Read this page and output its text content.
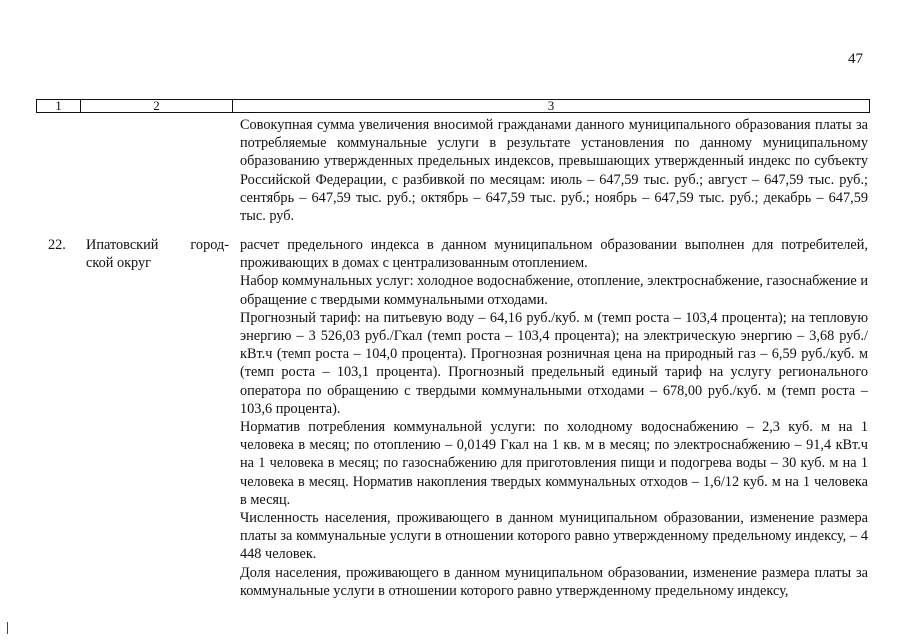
47
1	2	3

Совокупная сумма увеличения вносимой гражданами данного муниципального образования платы за потребляемые коммунальные услуги в результате установления по данному муниципальному образованию утвержденных предельных индексов, превышающих утвержденный индекс по субъекту Российской Федерации, с разбивкой по месяцам: июль – 647,59 тыс. руб.; август – 647,59 тыс. руб.; сентябрь – 647,59 тыс. руб.; октябрь – 647,59 тыс. руб.; ноябрь – 647,59 тыс. руб.; декабрь – 647,59 тыс. руб.

22. Ипатовский город-
ской округ

расчет предельного индекса в данном муниципальном образовании выполнен для потребителей, проживающих в домах с централизованным отоплением.

Набор коммунальных услуг: холодное водоснабжение, отопление, электроснабжение, газоснабжение и обращение с твердыми коммунальными отходами.

Прогнозный тариф: на питьевую воду – 64,16 руб./куб. м (темп роста – 103,4 процента); на тепловую энергию – 3 526,03 руб./Гкал (темп роста – 103,4 процента); на электрическую энергию – 3,68 руб./кВт.ч (темп роста – 104,0 процента). Прогнозная розничная цена на природный газ – 6,59 руб./куб. м (темп роста – 103,1 процента). Прогнозный предельный единый тариф на услугу регионального оператора по обращению с твердыми коммунальными отходами – 678,00 руб./куб. м (темп роста – 103,6 процента).

Норматив потребления коммунальной услуги: по холодному водоснабжению – 2,3 куб. м на 1 человека в месяц; по отоплению – 0,0149 Гкал на 1 кв. м в месяц; по электроснабжению – 91,4 кВт.ч на 1 человека в месяц; по газоснабжению для приготовления пищи и подогрева воды – 30 куб. м на 1 человека в месяц. Норматив накопления твердых коммунальных отходов – 1,6/12 куб. м на 1 человека в месяц.

Численность населения, проживающего в данном муниципальном образовании, изменение размера платы за коммунальные услуги в отношении которого равно утвержденному предельному индексу, – 4 448 человек.

Доля населения, проживающего в данном муниципальном образовании, изменение размера платы за коммунальные услуги в отношении которого равно утвержденному предельному индексу,
